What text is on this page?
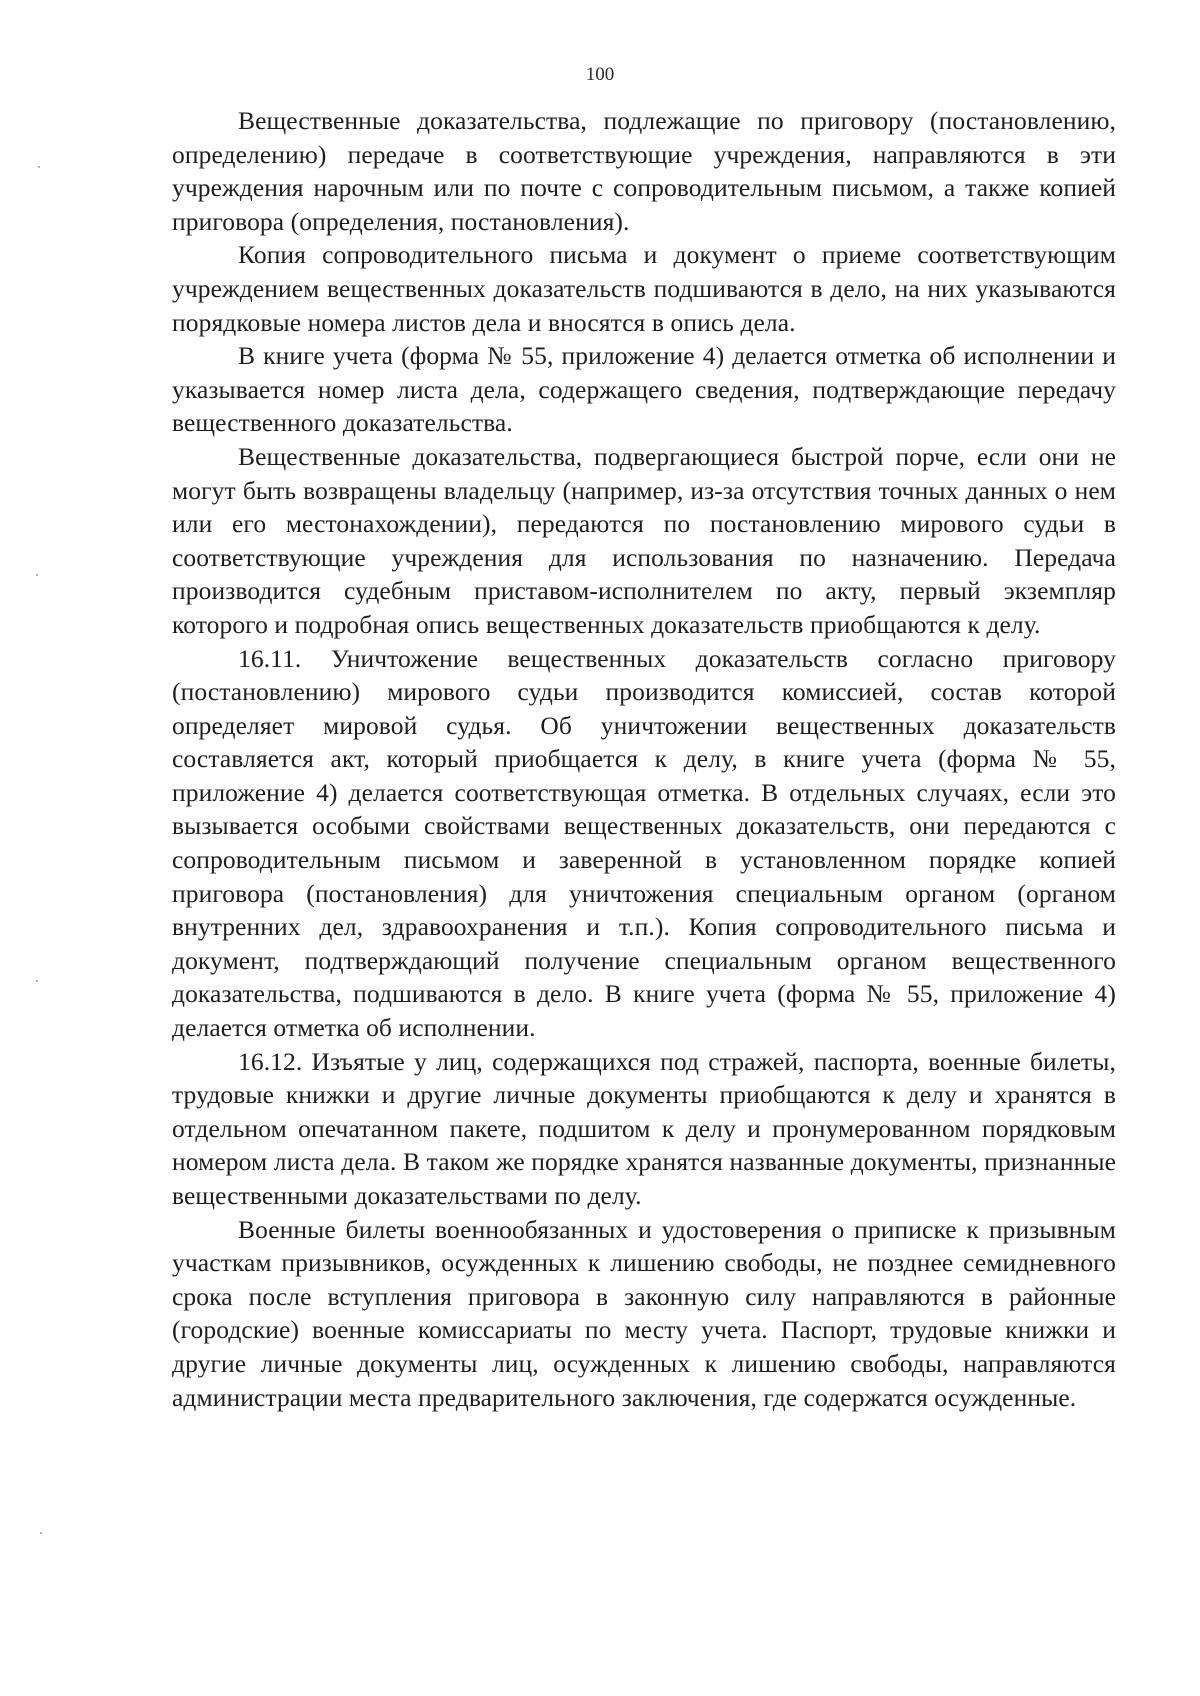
100

Вещественные доказательства, подлежащие по приговору (постановлению, определению) передаче в соответствующие учреждения, направляются в эти учреждения нарочным или по почте с сопроводительным письмом, а также копией приговора (определения, постановления).

Копия сопроводительного письма и документ о приеме соответствующим учреждением вещественных доказательств подшиваются в дело, на них указываются порядковые номера листов дела и вносятся в опись дела.

В книге учета (форма № 55, приложение 4) делается отметка об исполнении и указывается номер листа дела, содержащего сведения, подтверждающие передачу вещественного доказательства.

Вещественные доказательства, подвергающиеся быстрой порче, если они не могут быть возвращены владельцу (например, из-за отсутствия точных данных о нем или его местонахождении), передаются по постановлению мирового судьи в соответствующие учреждения для использования по назначению. Передача производится судебным приставом-исполнителем по акту, первый экземпляр которого и подробная опись вещественных доказательств приобщаются к делу.

16.11. Уничтожение вещественных доказательств согласно приговору (постановлению) мирового судьи производится комиссией, состав которой определяет мировой судья. Об уничтожении вещественных доказательств составляется акт, который приобщается к делу, в книге учета (форма № 55, приложение 4) делается соответствующая отметка. В отдельных случаях, если это вызывается особыми свойствами вещественных доказательств, они передаются с сопроводительным письмом и заверенной в установленном порядке копией приговора (постановления) для уничтожения специальным органом (органом внутренних дел, здравоохранения и т.п.). Копия сопроводительного письма и документ, подтверждающий получение специальным органом вещественного доказательства, подшиваются в дело. В книге учета (форма № 55, приложение 4) делается отметка об исполнении.

16.12. Изъятые у лиц, содержащихся под стражей, паспорта, военные билеты, трудовые книжки и другие личные документы приобщаются к делу и хранятся в отдельном опечатанном пакете, подшитом к делу и пронумерованном порядковым номером листа дела. В таком же порядке хранятся названные документы, признанные вещественными доказательствами по делу.

Военные билеты военнообязанных и удостоверения о приписке к призывным участкам призывников, осужденных к лишению свободы, не позднее семидневного срока после вступления приговора в законную силу направляются в районные (городские) военные комиссариаты по месту учета. Паспорт, трудовые книжки и другие личные документы лиц, осужденных к лишению свободы, направляются администрации места предварительного заключения, где содержатся осужденные.
